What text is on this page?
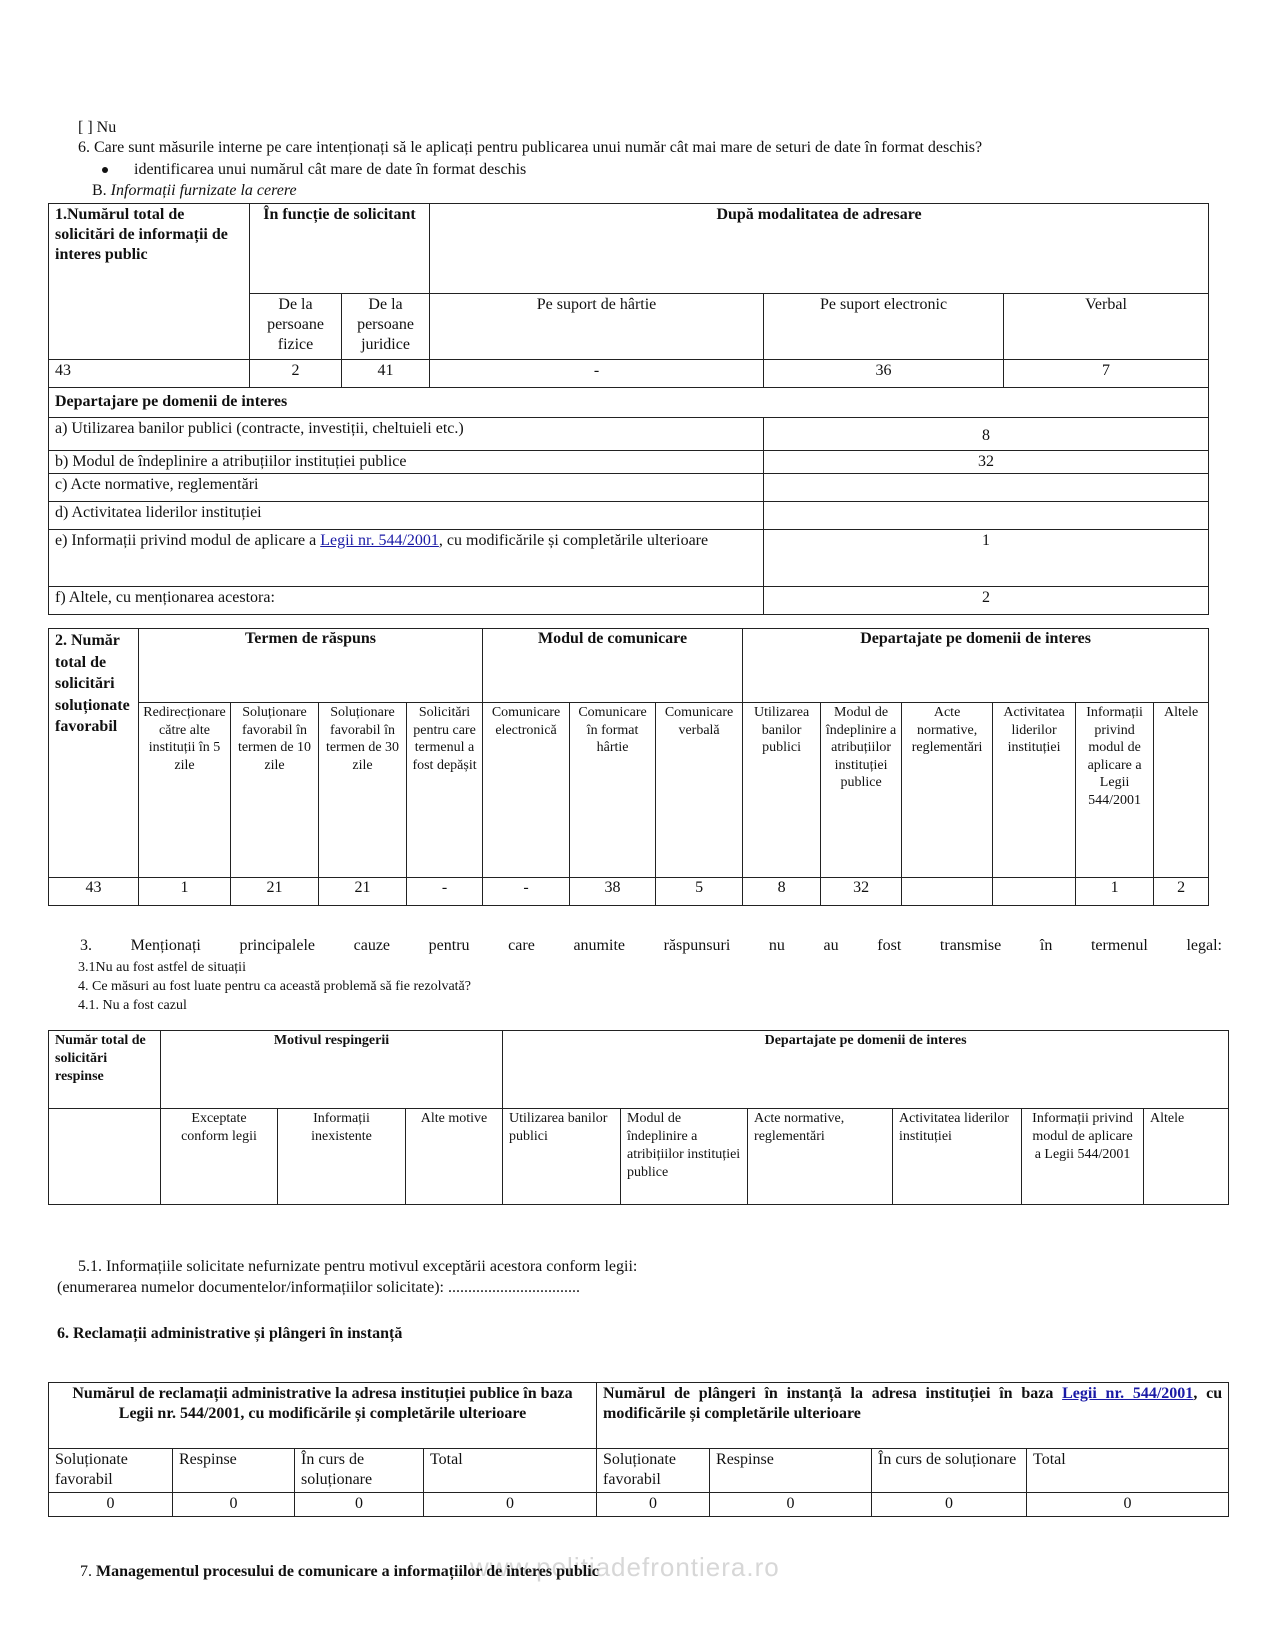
[ ] Nu
6. Care sunt măsurile interne pe care intenționați să le aplicați pentru publicarea unui număr cât mai mare de seturi de date în format deschis?
identificarea unui numărul cât mare de date în format deschis
B. Informații furnizate la cerere
1.Numărul total de solicitări de informații de interes public	În funcție de solicitant		După modalitatea de adresare		
	De la persoane fizice	De la persoane juridice	Pe suport de hârtie	Pe suport electronic	Verbal
43	2	41	-	36	7
Departajare pe domenii de interes					
a) Utilizarea banilor publici (contracte, investiții, cheltuieli etc.)				8	
b) Modul de îndeplinire a atribuțiilor instituției publice				32	
c) Acte normative, reglementări					
d) Activitatea liderilor instituției					
e) Informații privind modul de aplicare a Legii nr. 544/2001, cu modificările și completările ulterioare				1	
f) Altele, cu menționarea acestora:				2	
2. Număr total de solicitări soluționate favorabil	Termen de răspuns				Modul de comunicare			Departajate pe domenii de interes					
	Redirecționare către alte instituții în 5 zile	Soluționare favorabil în termen de 10 zile	Soluționare favorabil în termen de 30 zile	Solicitări pentru care termenul a fost depășit	Comunicare electronică	Comunicare în format hârtie	Comunicare verbală	Utilizarea banilor publici	Modul de îndeplinire a atribuțiilor instituției publice	Acte normative, reglementări	Activitatea liderilor instituției	Informații privind modul de aplicare a Legii 544/2001	Altele
43	1	21	21	-	-	38	5	8	32			1	2
3. Menționați principalele cauze pentru care anumite răspunsuri nu au fost transmise în termenul legal:
3.1Nu au fost astfel de situații
4. Ce măsuri au fost luate pentru ca această problemă să fie rezolvată?
4.1. Nu a fost cazul
Număr total de solicitări respinse	Motivul respingerii			Departajate pe domenii de interes					
	Exceptate conform legii	Informații inexistente	Alte motive	Utilizarea banilor publici	Modul de îndeplinire a atribițiilor instituției publice	Acte normative, reglementări	Activitatea liderilor instituției	Informații privind modul de aplicare a Legii 544/2001	Altele
5.1. Informațiile solicitate nefurnizate pentru motivul exceptării acestora conform legii:
(enumerarea numelor documentelor/informațiilor solicitate): .................................
6. Reclamații administrative și plângeri în instanță
Numărul de reclamații administrative la adresa instituției publice în baza Legii nr. 544/2001, cu modificările și completările ulterioare				Numărul de plângeri în instanță la adresa instituției în baza Legii nr. 544/2001, cu modificările și completările ulterioare			
Soluționate favorabil	Respinse	În curs de soluționare	Total	Soluționate favorabil	Respinse	În curs de soluționare	Total
0	0	0	0	0	0	0	0
www.politiadefrontiera.ro
7. Managementul procesului de comunicare a informațiilor de interes public
